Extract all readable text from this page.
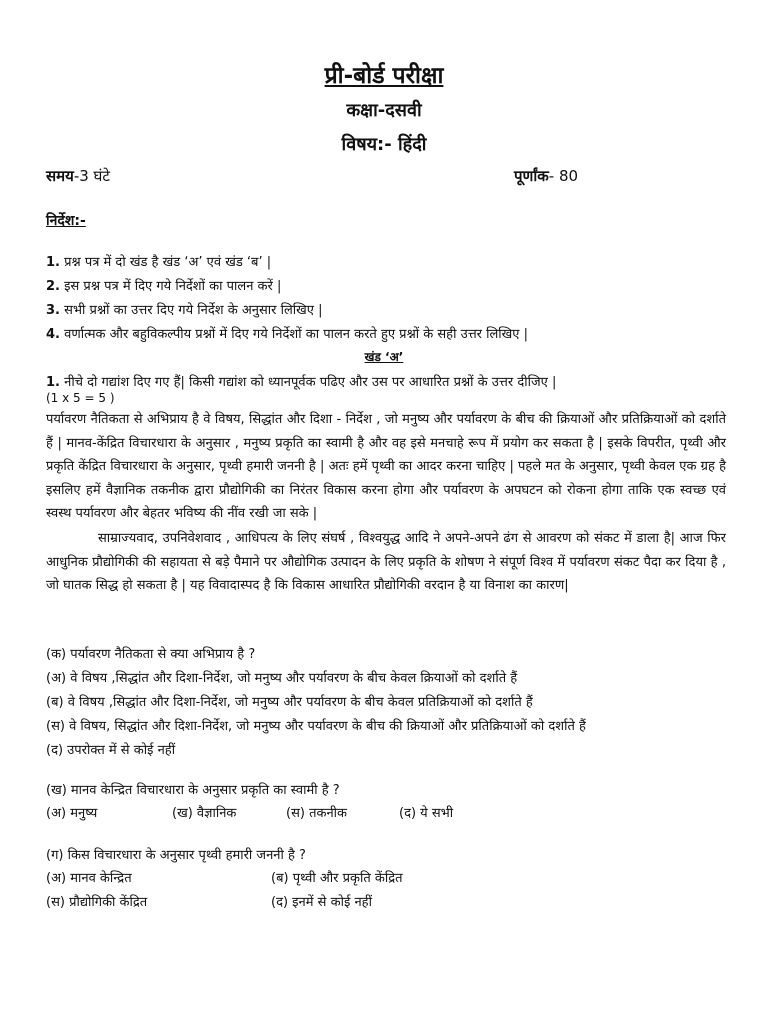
प्री-बोर्ड परीक्षा
कक्षा-दसवी
विषय:- हिंदी
समय-3 घंटे	पूर्णांक- 80
निर्देश:-
1. प्रश्न पत्र में दो खंड है खंड ‘अ’ एवं खंड ‘ब’ |
2. इस प्रश्न पत्र में दिए गये निर्देशों का पालन करें |
3. सभी प्रश्नों का उत्तर दिए गये निर्देश के अनुसार लिखिए |
4. वर्णात्मक और बहुविकल्पीय प्रश्नों में दिए गये निर्देशों का पालन करते हुए प्रश्नों के सही उत्तर लिखिए |
खंड ‘अ’
1. नीचे दो गद्यांश दिए गए हैं| किसी गद्यांश को ध्यानपूर्वक पढिए और उस पर आधारित प्रश्नों के उत्तर दीजिए |
(1 x 5 = 5 )
पर्यावरण नैतिकता से अभिप्राय है वे विषय, सिद्धांत और दिशा - निर्देश , जो मनुष्य और पर्यावरण के बीच की क्रियाओं और प्रतिक्रियाओं को दर्शाते हैं | मानव-केंद्रित विचारधारा के अनुसार , मनुष्य प्रकृति का स्वामी है और वह इसे मनचाहे रूप में प्रयोग कर सकता है | इसके विपरीत, पृथ्वी और प्रकृति केंद्रित विचारधारा के अनुसार, पृथ्वी हमारी जननी है | अतः हमें पृथ्वी का आदर करना चाहिए | पहले मत के अनुसार, पृथ्वी केवल एक ग्रह है इसलिए हमें वैज्ञानिक तकनीक द्वारा प्रौद्योगिकी का निरंतर विकास करना होगा और पर्यावरण के अपघटन को रोकना होगा ताकि एक स्वच्छ एवं स्वस्थ पर्यावरण और बेहतर भविष्य की नींव रखी जा सके |
साम्राज्यवाद, उपनिवेशवाद , आधिपत्य के लिए संघर्ष , विश्वयुद्ध आदि ने अपने-अपने ढंग से आवरण को संकट में डाला है| आज फिर आधुनिक प्रौद्योगिकी की सहायता से बड़े पैमाने पर औद्योगिक उत्पादन के लिए प्रकृति के शोषण ने संपूर्ण विश्व में पर्यावरण संकट पैदा कर दिया है , जो घातक सिद्ध हो सकता है | यह विवादास्पद है कि विकास आधारित प्रौद्योगिकी वरदान है या विनाश का कारण|
(क) पर्यावरण नैतिकता से क्या अभिप्राय है ?
(अ) वे विषय ,सिद्धांत और दिशा-निर्देश, जो मनुष्य और पर्यावरण के बीच केवल क्रियाओं को दर्शाते हैं
(ब) वे विषय ,सिद्धांत और दिशा-निर्देश, जो मनुष्य और पर्यावरण के बीच केवल प्रतिक्रियाओं को दर्शाते हैं
(स) वे विषय, सिद्धांत और दिशा-निर्देश, जो मनुष्य और पर्यावरण के बीच की क्रियाओं और प्रतिक्रियाओं को दर्शाते हैं
(द) उपरोक्त में से कोई नहीं
(ख) मानव केन्द्रित विचारधारा के अनुसार प्रकृति का स्वामी है ?
(अ) मनुष्य	(ख) वैज्ञानिक	(स) तकनीक	(द) ये सभी
(ग) किस विचारधारा के अनुसार पृथ्वी हमारी जननी है ?
(अ) मानव केन्द्रित	(ब) पृथ्वी और प्रकृति केंद्रित
(स) प्रौद्योगिकी केंद्रित	(द) इनमें से कोई नहीं
